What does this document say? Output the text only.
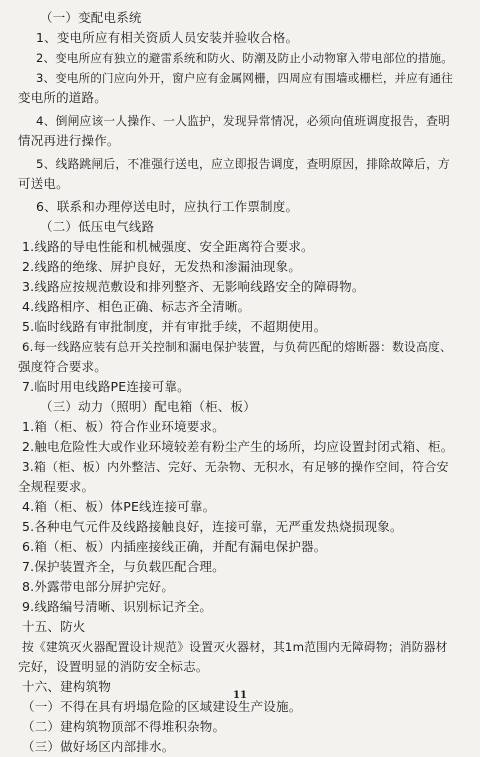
（一）变配电系统

1、变电所应有相关资质人员安装并验收合格。

2、变电所应有独立的避雷系统和防火、防潮及防止小动物窜入带电部位的措施。

3、变电所的门应向外开，窗户应有金属网栅，四周应有围墙或栅栏，并应有通往

变电所的道路。

4、倒闸应该一人操作、一人监护，发现异常情况，必须向值班调度报告，查明

情况再进行操作。

5、线路跳闸后，不准强行送电，应立即报告调度，查明原因，排除故障后，方

可送电。

6、联系和办理停送电时，应执行工作票制度。

（二）低压电气线路

1.线路的导电性能和机械强度、安全距离符合要求。

2.线路的绝缘、屏护良好，无发热和渗漏油现象。

3.线路应按规范敷设和排列整齐、无影响线路安全的障碍物。

4.线路相序、相色正确、标志齐全清晰。

5.临时线路有审批制度，并有审批手续，不超期使用。

6.每一线路应装有总开关控制和漏电保护装置，与负荷匹配的熔断器：数设高度、

强度符合要求。

7.临时用电线路PE连接可靠。

（三）动力（照明）配电箱（柜、板）

1.箱（柜、板）符合作业环境要求。

2.触电危险性大或作业环境较差有粉尘产生的场所，均应设置封闭式箱、柜。

3.箱（柜、板）内外整洁、完好、无杂物、无积水，有足够的操作空间，符合安

全规程要求。

4.箱（柜、板）体PE线连接可靠。

5.各种电气元件及线路接触良好，连接可靠，无严重发热烧损现象。

6.箱（柜、板）内插座接线正确，并配有漏电保护器。

7.保护装置齐全，与负载匹配合理。

8.外露带电部分屏护完好。

9.线路编号清晰、识别标记齐全。

十五、防火

按《建筑灭火器配置设计规范》设置灭火器材，其1m范围内无障碍物；消防器材

完好，设置明显的消防安全标志。

十六、建构筑物

（一）不得在具有坍塌危险的区域建设生产设施。

（二）建构筑物顶部不得堆积杂物。

（三）做好场区内部排水。

11
